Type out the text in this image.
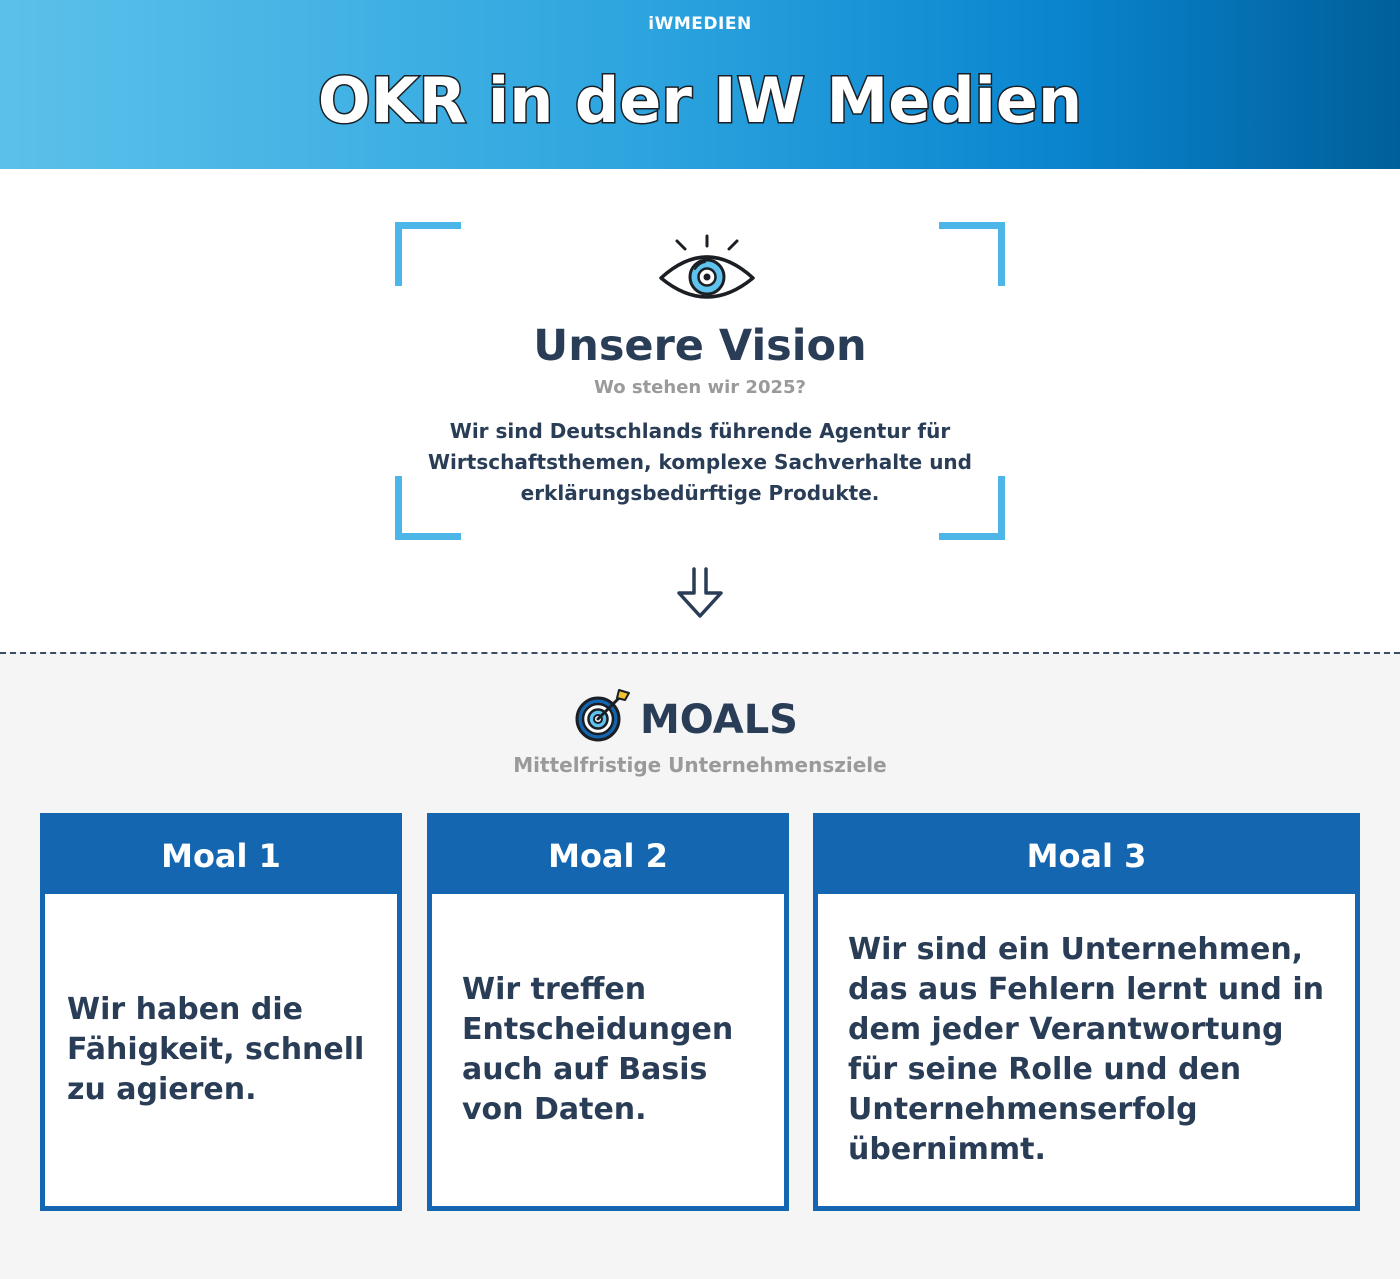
iWMEDIEN
OKR in der IW Medien
Unsere Vision
Wo stehen wir 2025?
Wir sind Deutschlands führende Agentur für Wirtschaftsthemen, komplexe Sachverhalte und erklärungsbedürftige Produkte.
MOALS
Mittelfristige Unternehmensziele
Moal 1
Wir haben die Fähigkeit, schnell zu agieren.
Moal 2
Wir treffen Entscheidungen auch auf Basis von Daten.
Moal 3
Wir sind ein Unternehmen, das aus Fehlern lernt und in dem jeder Verantwortung für seine Rolle und den Unternehmenserfolg übernimmt.
